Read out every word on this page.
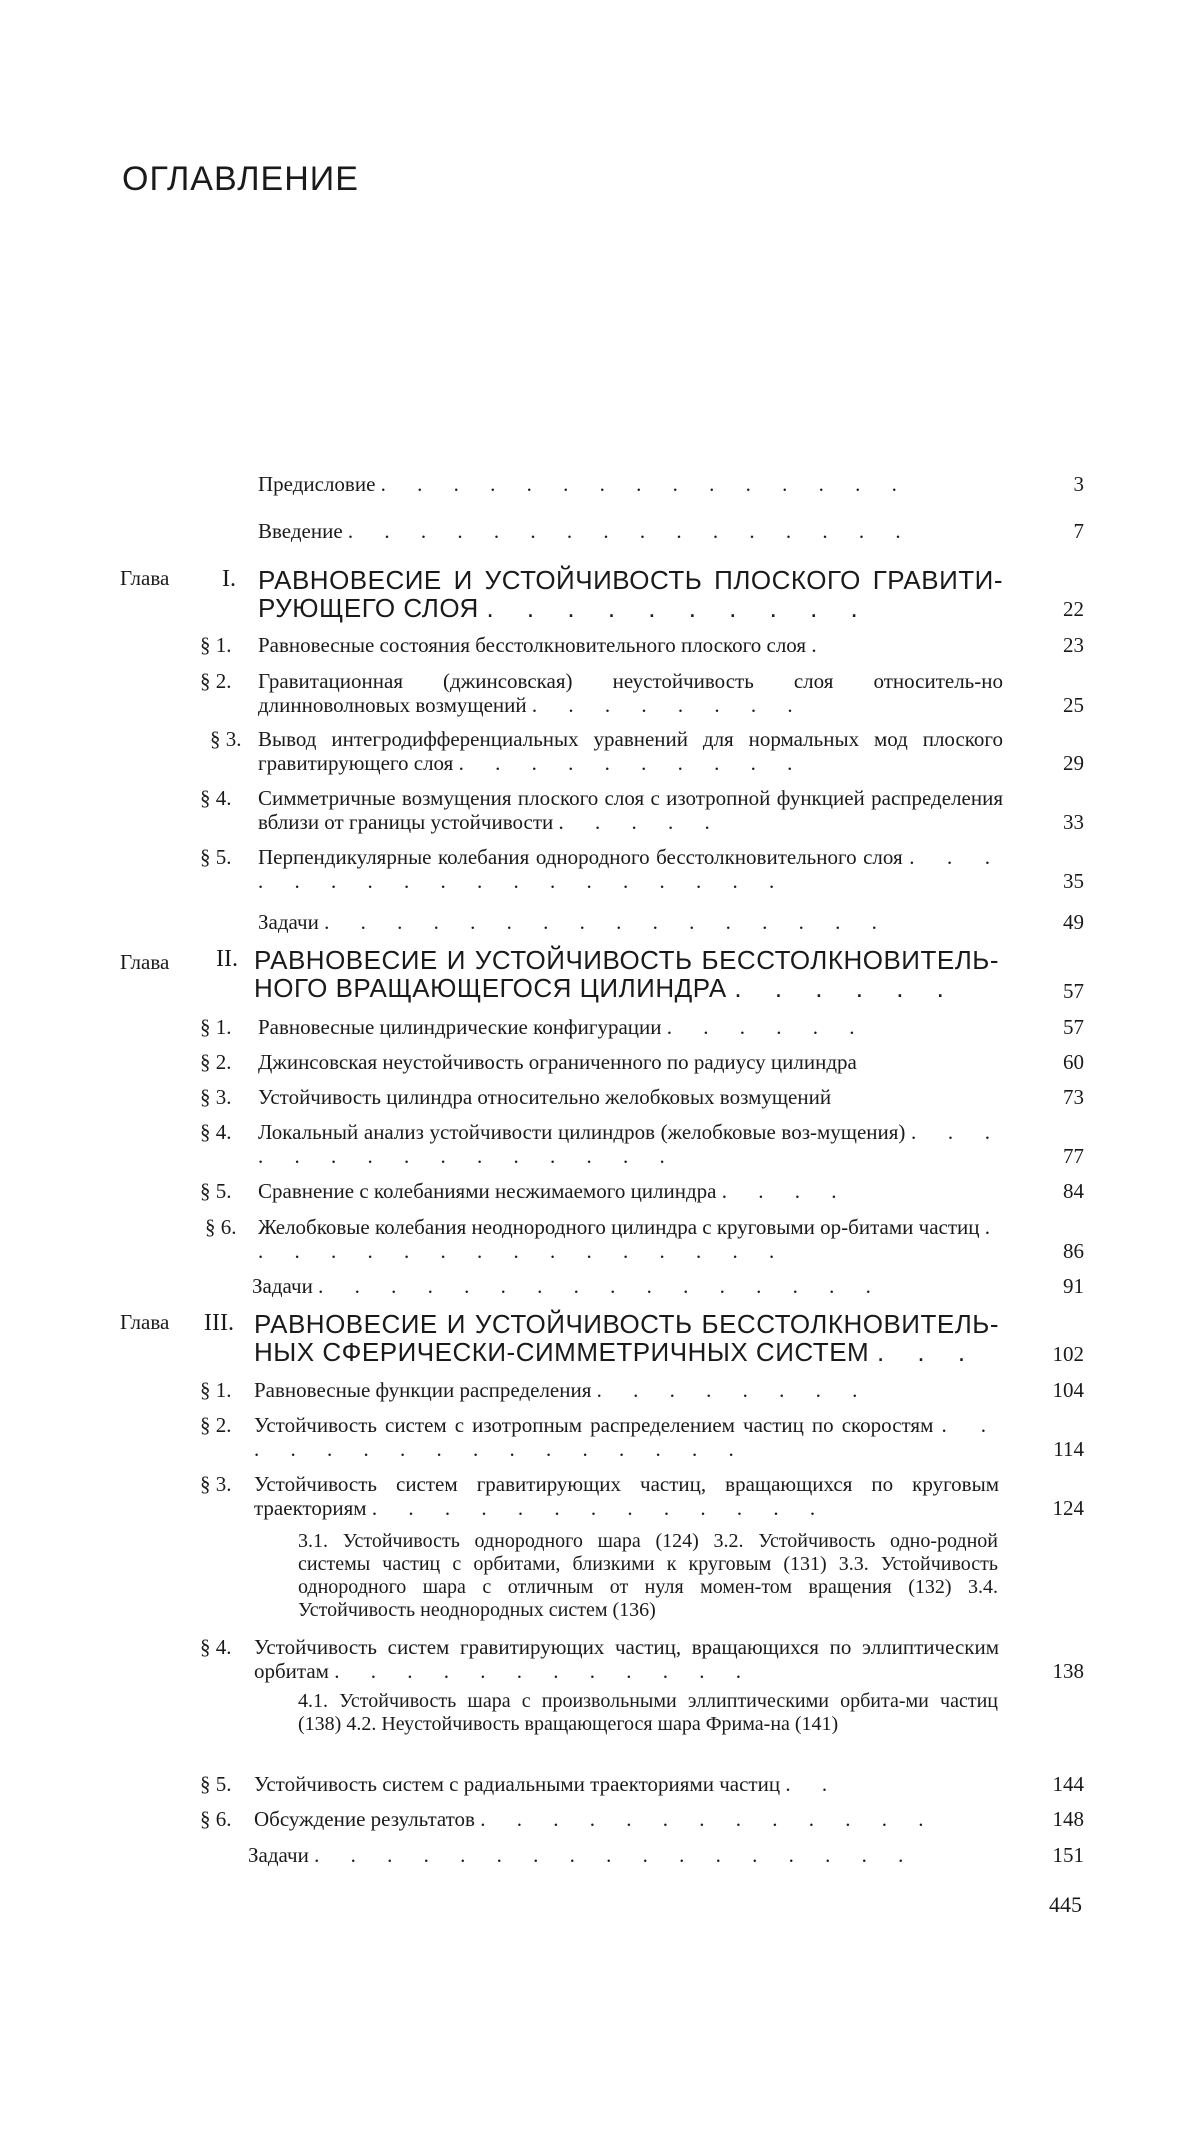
ОГЛАВЛЕНИЕ
Предисловие . . . . . . . . . . . . . . .	3
Введение . . . . . . . . . . . . . . . .	7
Глава I. РАВНОВЕСИЕ И УСТОЙЧИВОСТЬ ПЛОСКОГО ГРАВИТИ-РУЮЩЕГО СЛОЯ . . . . . . . . . .	22
§ 1. Равновесные состояния бесстолкновительного плоского слоя .	23
§ 2. Гравитационная (джинсовская) неустойчивость слоя относитель-но длинноволновых возмущений . . . . . . . .	25
§ 3. Вывод интегродифференциальных уравнений для нормальных мод плоского гравитирующего слоя . . . . . . . . . .	29
§ 4. Симметричные возмущения плоского слоя с изотропной функцией распределения вблизи от границы устойчивости . . . . .	33
§ 5. Перпендикулярные колебания однородного бесстолкновительного слоя . . . . . . . . . . . . . . . . . .	35
Задачи . . . . . . . . . . . . . . . .	49
Глава II. РАВНОВЕСИЕ И УСТОЙЧИВОСТЬ БЕССТОЛКНОВИТЕЛЬ-НОГО ВРАЩАЮЩЕГОСЯ ЦИЛИНДРА . . . . . .	57
§ 1. Равновесные цилиндрические конфигурации . . . . . .	57
§ 2. Джинсовская неустойчивость ограниченного по радиусу цилиндра	60
§ 3. Устойчивость цилиндра относительно желобковых возмущений	73
§ 4. Локальный анализ устойчивости цилиндров (желобковые воз-мущения) . . . . . . . . . . . . . . .	77
§ 5. Сравнение с колебаниями несжимаемого цилиндра . . . .	84
§ 6. Желобковые колебания неоднородного цилиндра с круговыми ор-битами частиц . . . . . . . . . . . . . . . .	86
Задачи . . . . . . . . . . . . . . . .	91
Глава III. РАВНОВЕСИЕ И УСТОЙЧИВОСТЬ БЕССТОЛКНОВИТЕЛЬ-НЫХ СФЕРИЧЕСКИ-СИММЕТРИЧНЫХ СИСТЕМ . . .	102
§ 1. Равновесные функции распределения . . . . . . . .	104
§ 2. Устойчивость систем с изотропным распределением частиц по скоростям . . . . . . . . . . . . . . . .	114
§ 3. Устойчивость систем гравитирующих частиц, вращающихся по круговым траекториям . . . . . . . . . . . . .	124
3.1. Устойчивость однородного шара (124) 3.2. Устойчивость одно-родной системы частиц с орбитами, близкими к круговым (131) 3.3. Устойчивость однородного шара с отличным от нуля момен-том вращения (132) 3.4. Устойчивость неоднородных систем (136)
§ 4. Устойчивость систем гравитирующих частиц, вращающихся по эллиптическим орбитам . . . . . . . . . . . .	138
4.1. Устойчивость шара с произвольными эллиптическими орбита-ми частиц (138) 4.2. Неустойчивость вращающегося шара Фрима-на (141)
§ 5. Устойчивость систем с радиальными траекториями частиц . .	144
§ 6. Обсуждение результатов . . . . . . . . . . . . .	148
Задачи . . . . . . . . . . . . . . . . .	151
445
